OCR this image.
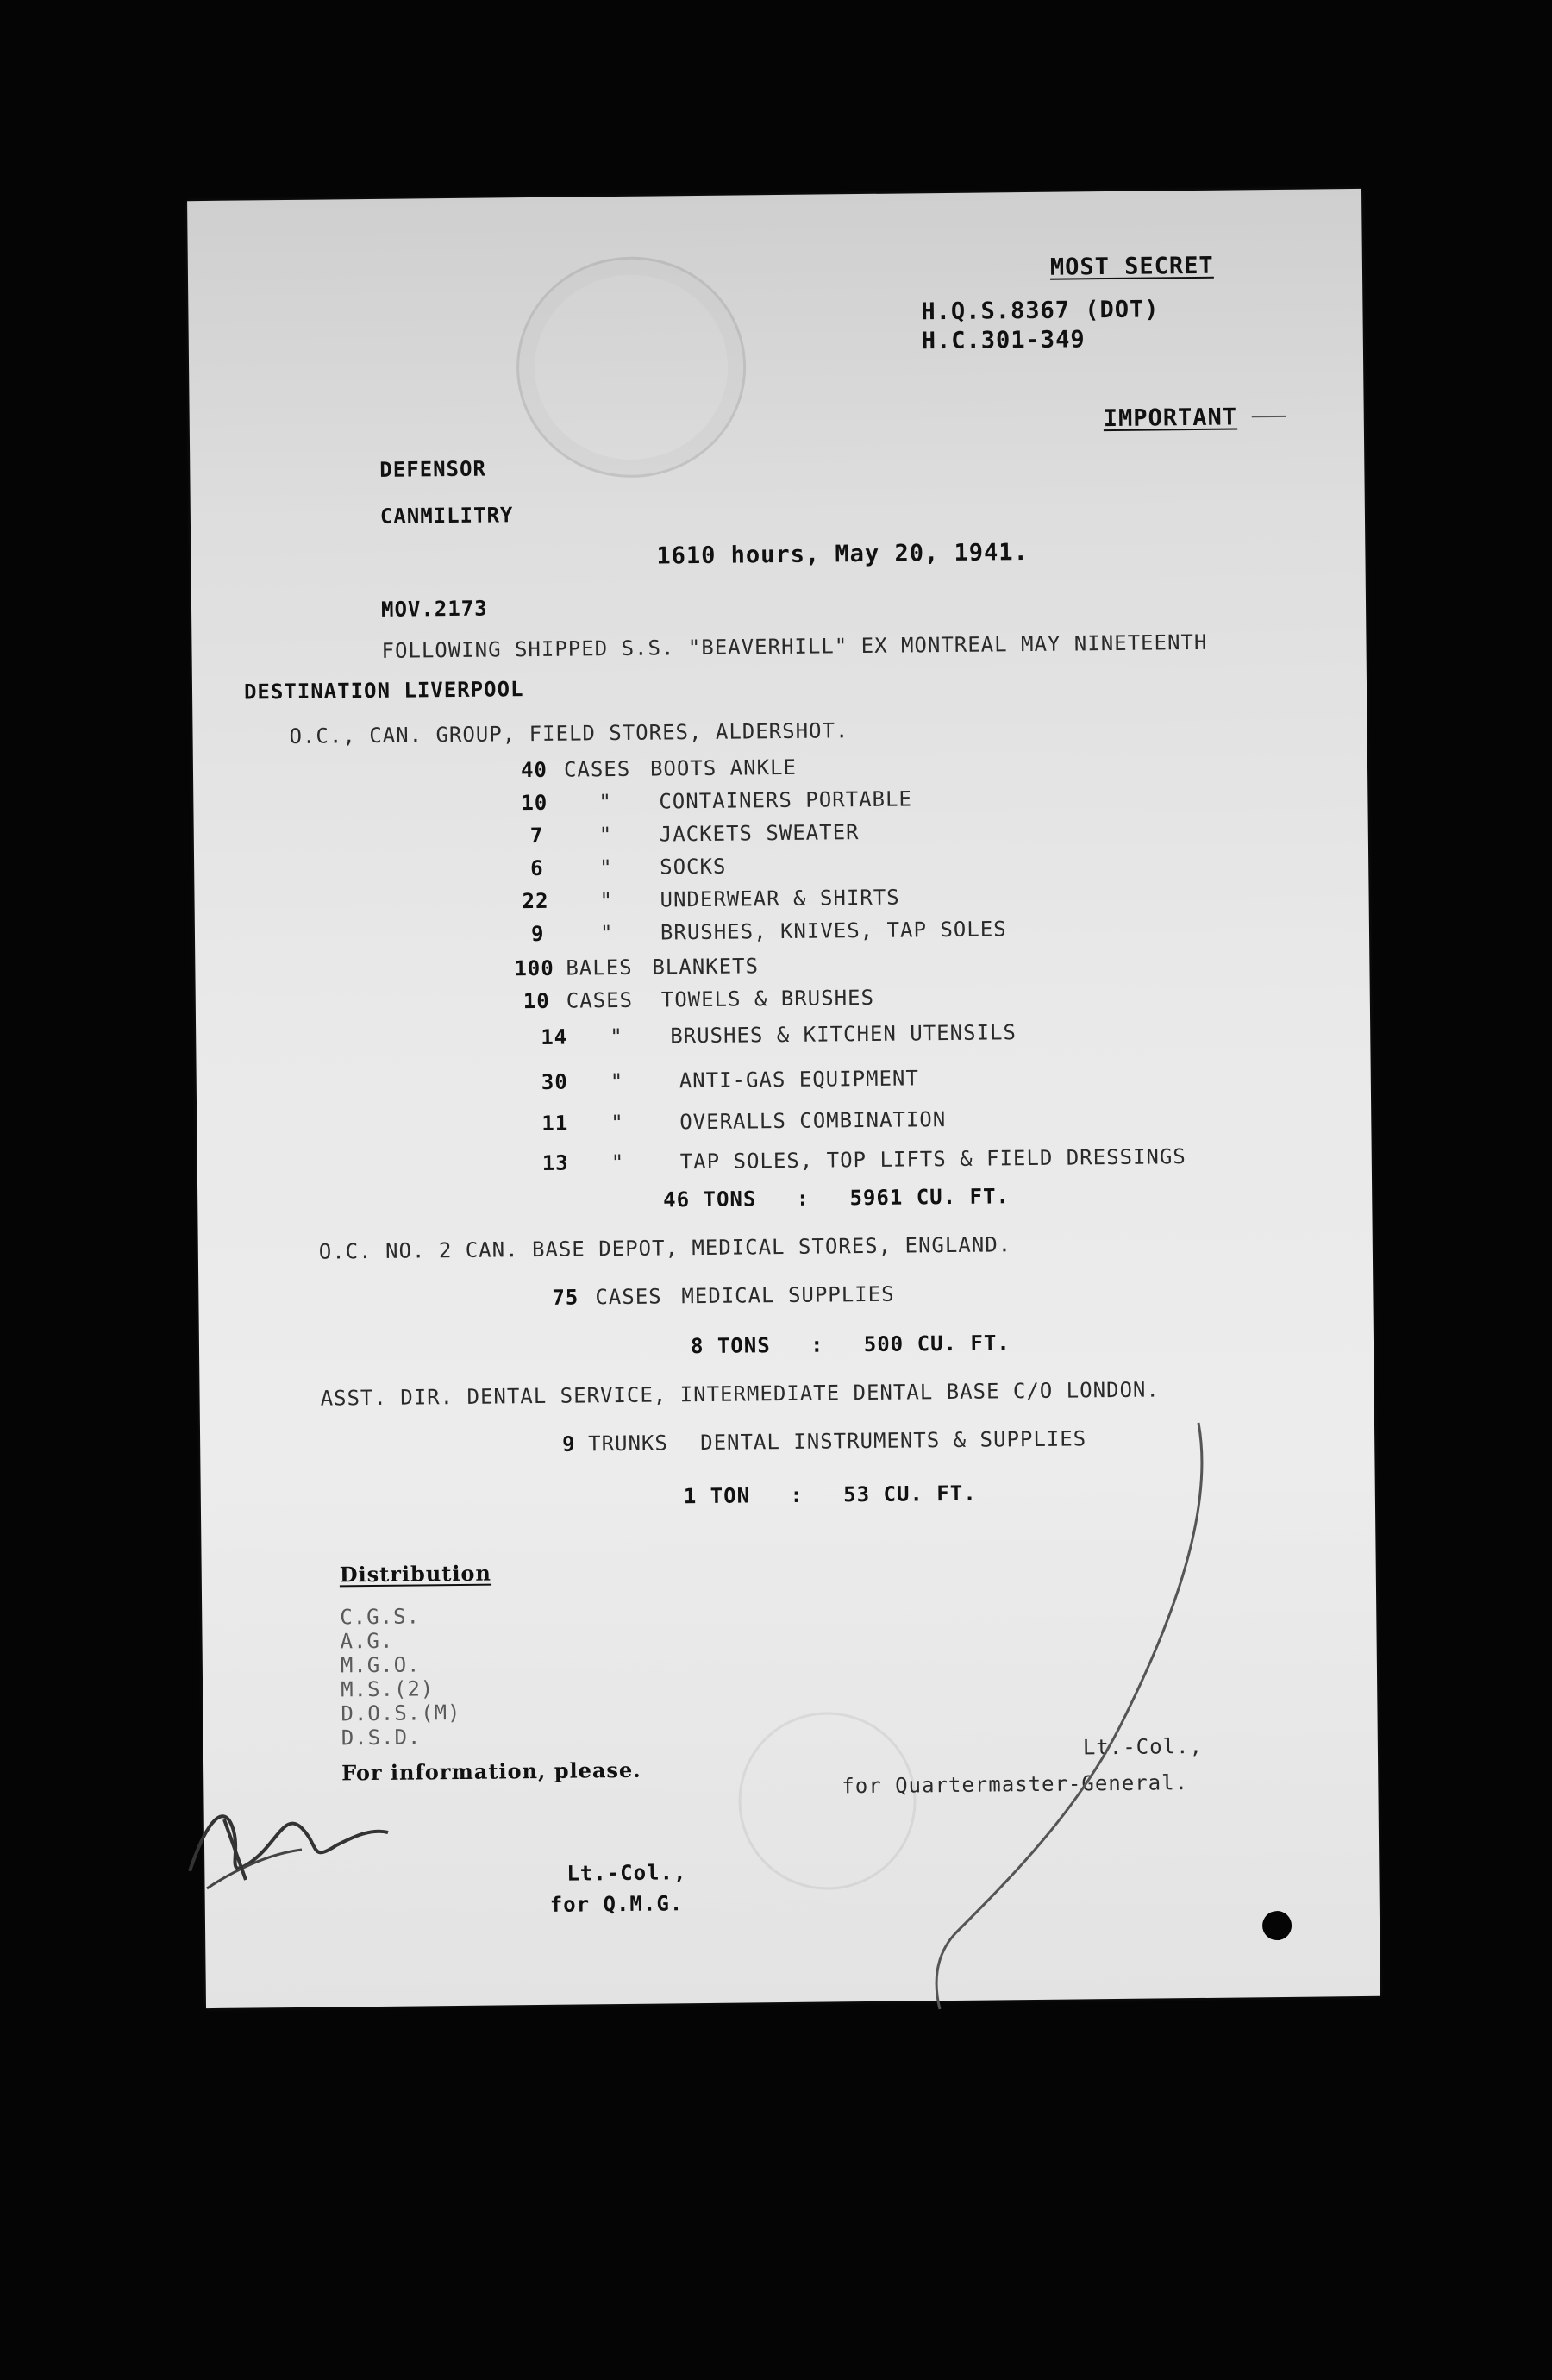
MOST SECRET
H.Q.S.8367 (DOT)
H.C.301-349
IMPORTANT
DEFENSOR
CANMILITRY
1610 hours, May 20, 1941.
MOV.2173
FOLLOWING SHIPPED S.S. "BEAVERHILL" EX MONTREAL MAY NINETEENTH
DESTINATION LIVERPOOL
O.C., CAN. GROUP, FIELD STORES, ALDERSHOT.
40 CASES BOOTS ANKLE
10 " CONTAINERS PORTABLE
7	" JACKETS SWEATER
6	" SOCKS
22 " UNDERWEAR & SHIRTS
9	" BRUSHES, KNIVES, TAP SOLES
100 BALES BLANKETS
10 CASES TOWELS & BRUSHES
14 " BRUSHES & KITCHEN UTENSILS
30 "	ANTI-GAS EQUIPMENT
11 "	OVERALLS COMBINATION
13 "	TAP SOLES, TOP LIFTS & FIELD DRESSINGS
46 TONS   :   5961 CU. FT.
O.C. NO. 2 CAN. BASE DEPOT, MEDICAL STORES, ENGLAND.
75 CASES MEDICAL SUPPLIES
8 TONS   :   500 CU. FT.
ASST. DIR. DENTAL SERVICE, INTERMEDIATE DENTAL BASE C/O LONDON.
9 TRUNKS DENTAL INSTRUMENTS & SUPPLIES
1 TON   :   53 CU. FT.
Distribution
C.G.S.
A.G.
M.G.O.
M.S.(2)
D.O.S.(M)
D.S.D.
For information, please.
Lt.-Col.,
for Quartermaster-General.
Lt.-Col.,
for Q.M.G.
